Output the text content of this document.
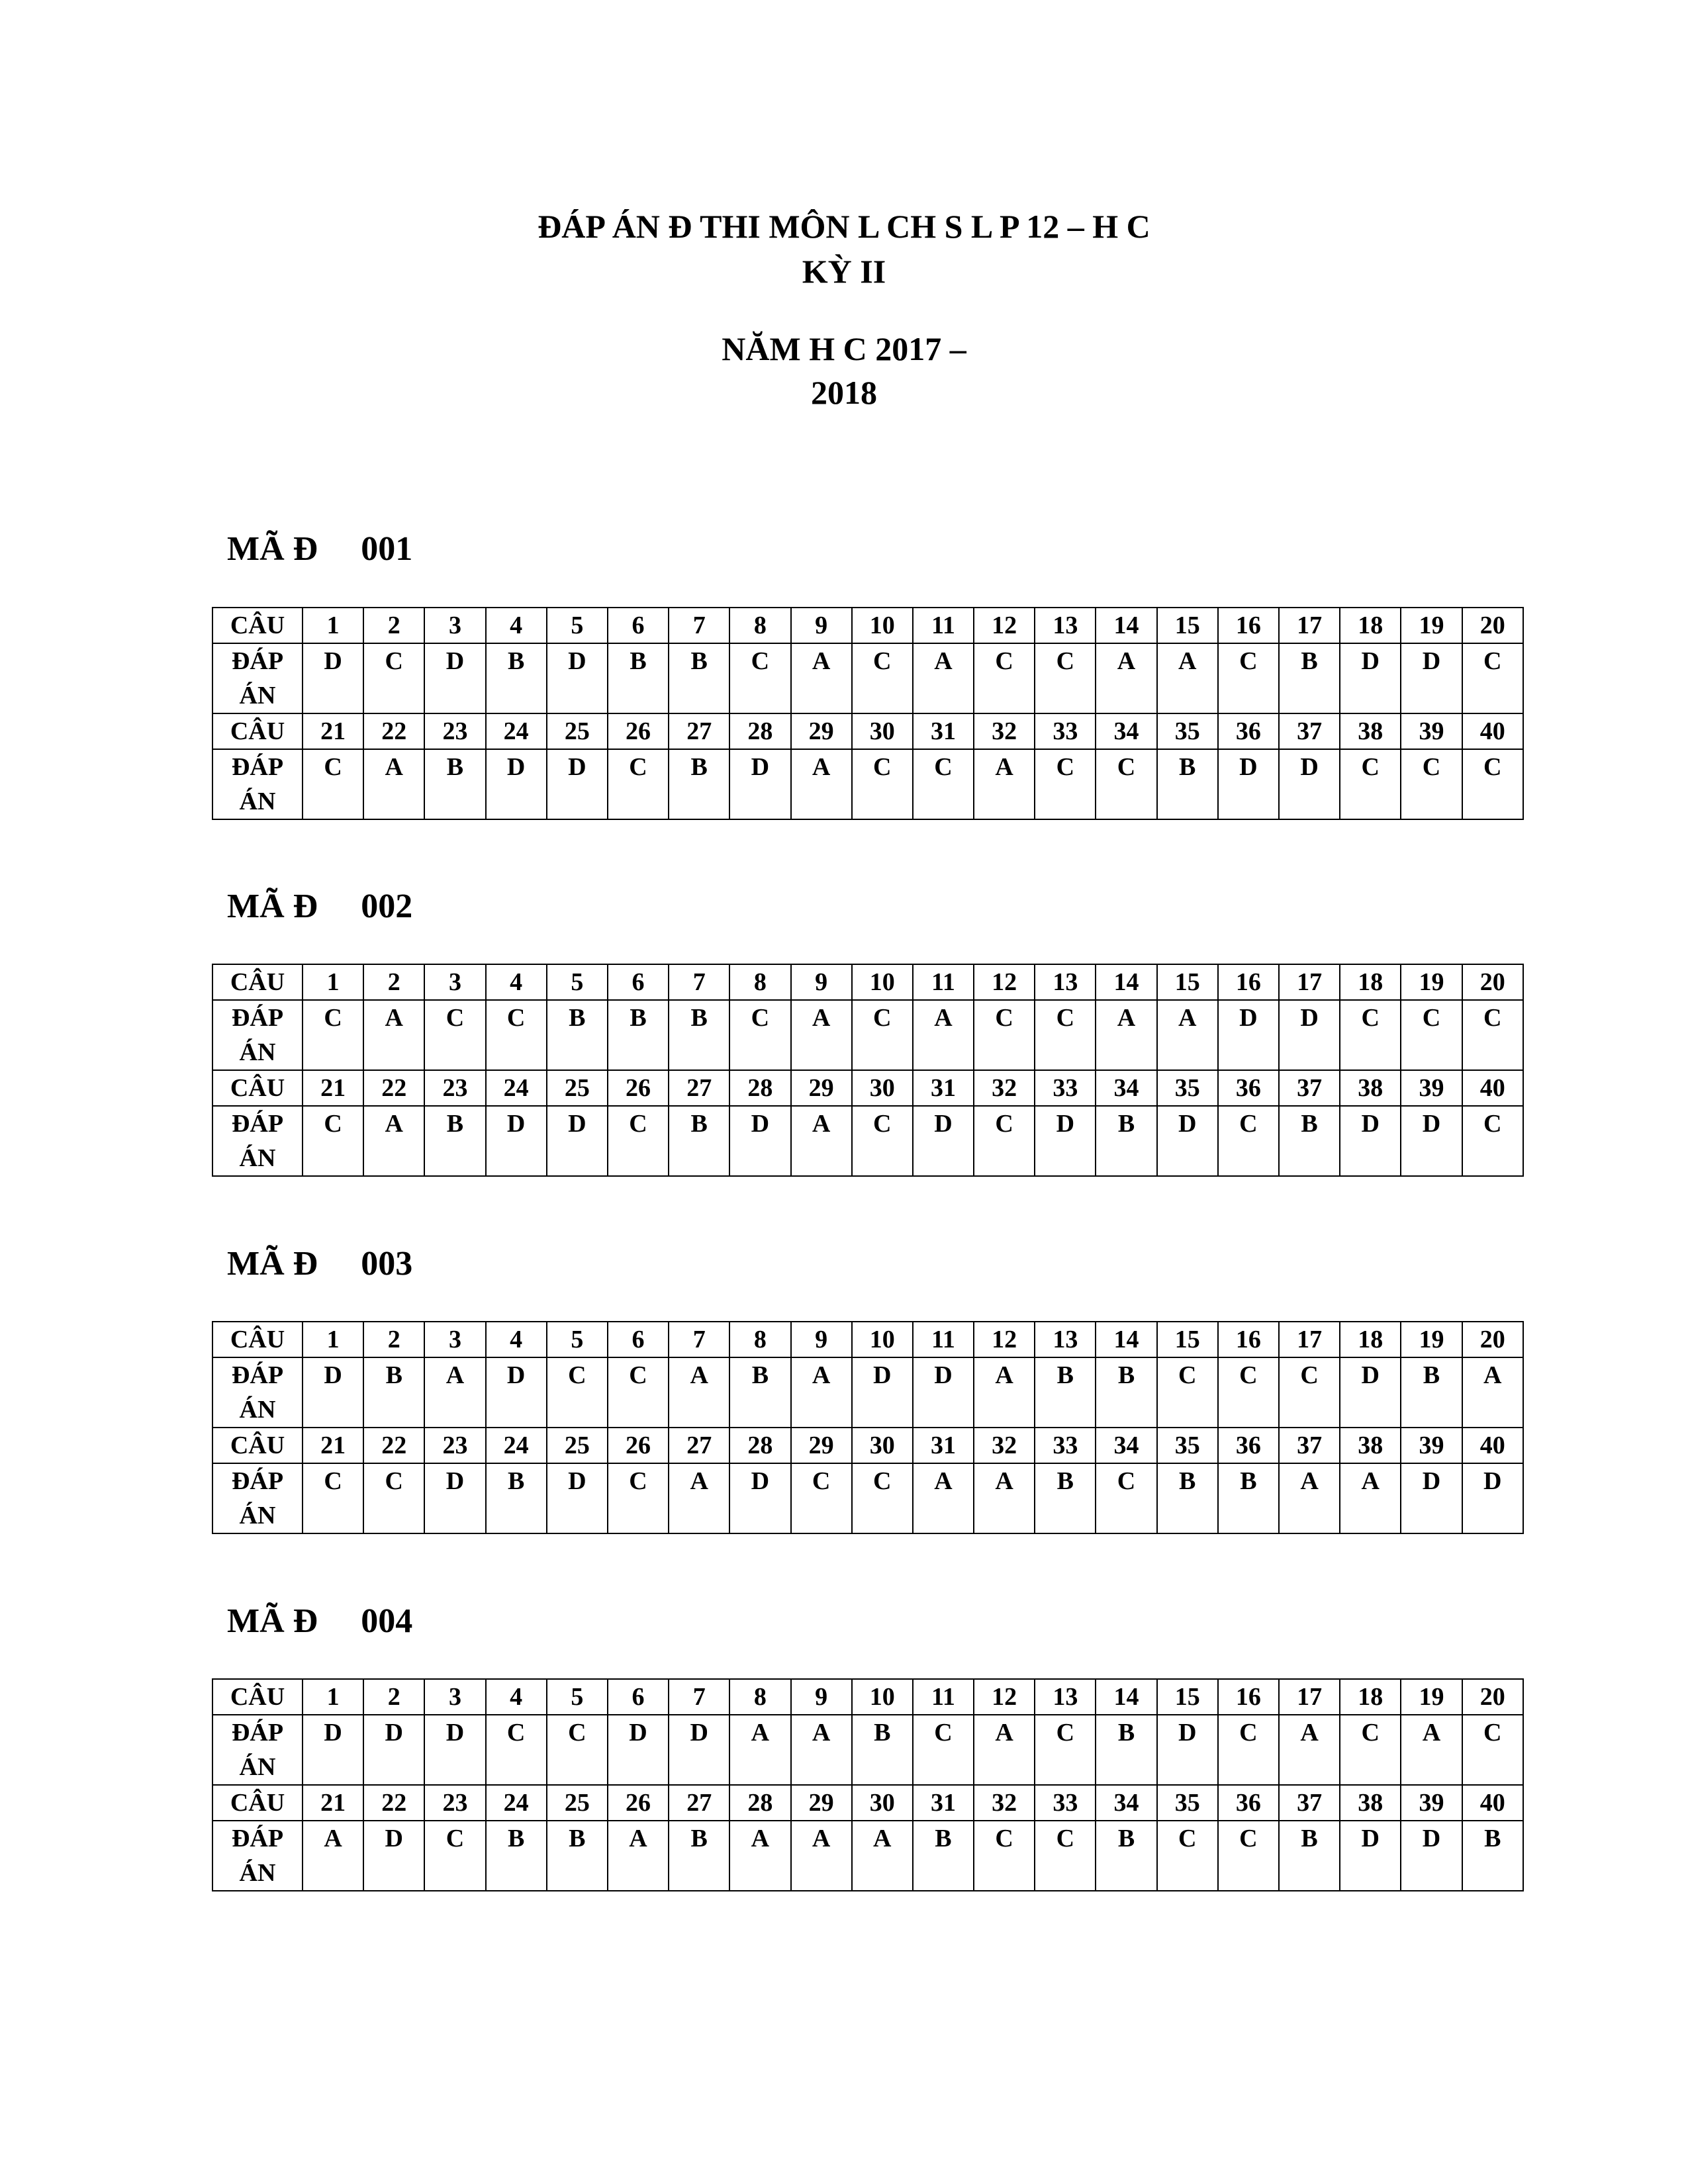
ĐÁP ÁN Đ THI MÔN L CH S L P 12 – H C
KỲ II
NĂM H C 2017 –
2018
MÃ Đ 001
CÂU	1	2	3	4	5	6	7	8	9	10	11	12	13	14	15	16	17	18	19	20

ĐÁP
ÁN	D	C	D	B	D	B	B	C	A	C	A	C	C	A	A	C	B	D	D	C
CÂU	21	22	23	24	25	26	27	28	29	30	31	32	33	34	35	36	37	38	39	40

ĐÁP
ÁN	C	A	B	D	D	C	B	D	A	C	C	A	C	C	B	D	D	C	C	C
MÃ Đ 002
CÂU	1	2	3	4	5	6	7	8	9	10	11	12	13	14	15	16	17	18	19	20

ĐÁP
ÁN	C	A	C	C	B	B	B	C	A	C	A	C	C	A	A	D	D	C	C	C
CÂU	21	22	23	24	25	26	27	28	29	30	31	32	33	34	35	36	37	38	39	40

ĐÁP
ÁN	C	A	B	D	D	C	B	D	A	C	D	C	D	B	D	C	B	D	D	C
MÃ Đ 003
CÂU	1	2	3	4	5	6	7	8	9	10	11	12	13	14	15	16	17	18	19	20

ĐÁP
ÁN	D	B	A	D	C	C	A	B	A	D	D	A	B	B	C	C	C	D	B	A
CÂU	21	22	23	24	25	26	27	28	29	30	31	32	33	34	35	36	37	38	39	40

ĐÁP
ÁN	C	C	D	B	D	C	A	D	C	C	A	A	B	C	B	B	A	A	D	D
MÃ Đ 004
CÂU	1	2	3	4	5	6	7	8	9	10	11	12	13	14	15	16	17	18	19	20

ĐÁP
ÁN	D	D	D	C	C	D	D	A	A	B	C	A	C	B	D	C	A	C	A	C
CÂU	21	22	23	24	25	26	27	28	29	30	31	32	33	34	35	36	37	38	39	40

ĐÁP
ÁN	A	D	C	B	B	A	B	A	A	A	B	C	C	B	C	C	B	D	D	B
